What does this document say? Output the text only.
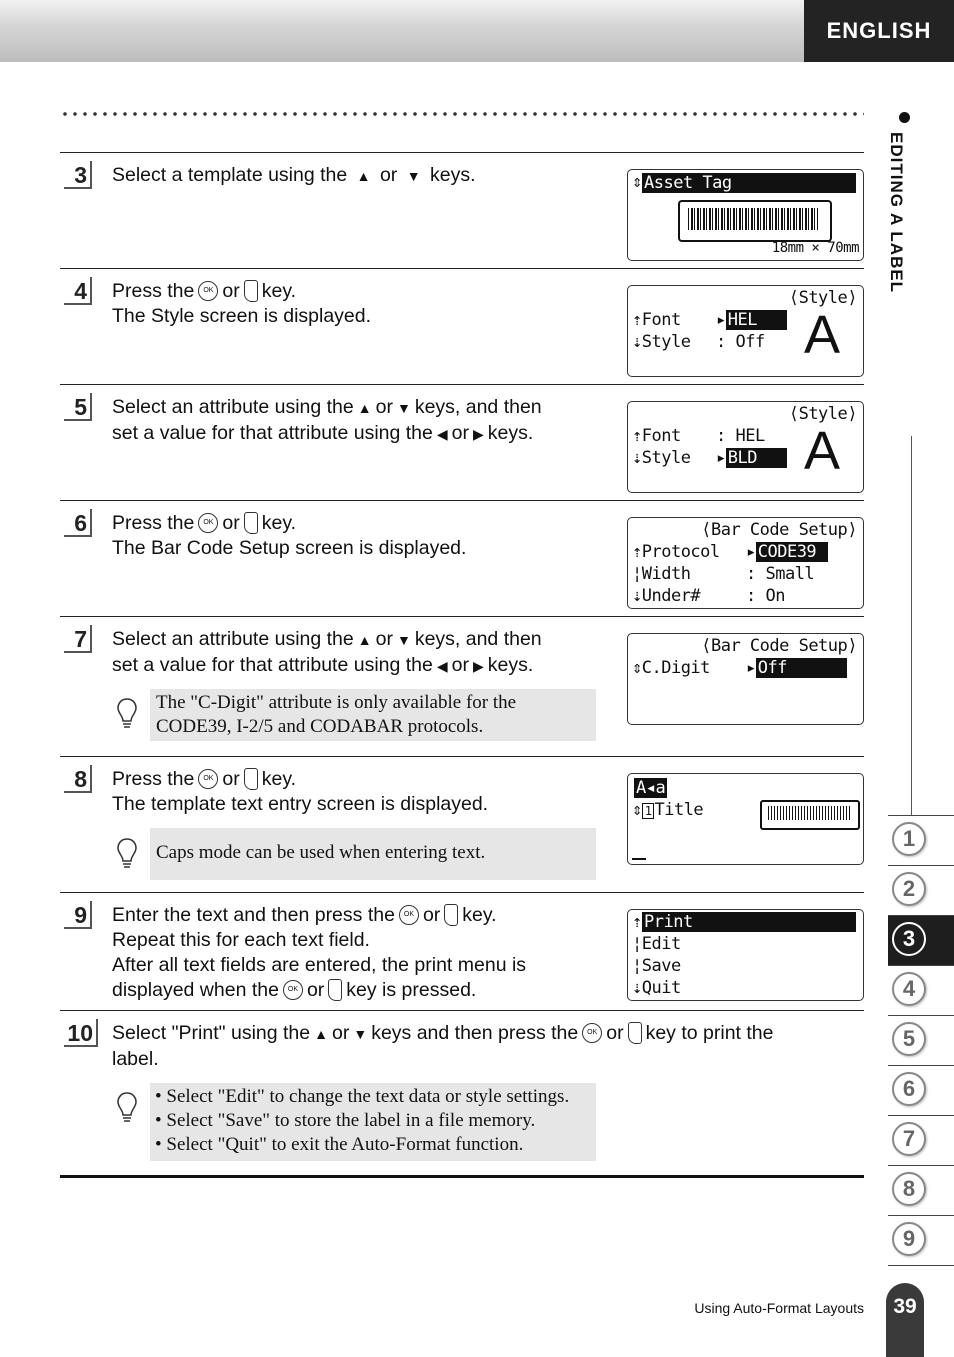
ENGLISH
EDITING A LABEL
1
2
3
4
5
6
7
8
9
Using Auto-Format Layouts	39
3 Select a template using the ▲ or ▼ keys.	⇕ Asset Tag
18mm × 70mm
4 Press the OK or key.
The Style screen is displayed.
⟨Style⟩
⇡Font ▸ HEL
⇣Style : Off A
5 Select an attribute using the ▲ or ▼ keys, and then
set a value for that attribute using the ◀ or ▶ keys.
⟨Style⟩
⇡Font : HEL
⇣Style ▸ BLD A
6 Press the OK or key.
The Bar Code Setup screen is displayed.
⟨Bar Code Setup⟩
⇡Protocol ▸ CODE39
¦Width	: Small
⇣Under#	: On
7 Select an attribute using the ▲ or ▼ keys, and then
set a value for that attribute using the ◀ or ▶ keys.
The "C-Digit" attribute is only available for the
CODE39, I-2/5 and CODABAR protocols.
⟨Bar Code Setup⟩
⇕C.Digit ▸ Off
8 Press the OK or key.
The template text entry screen is displayed.
Caps mode can be used when entering text.
A◂a
⇕ 1 Title
9 Enter the text and then press the OK or key.
Repeat this for each text field.
After all text fields are entered, the print menu is
displayed when the OK or key is pressed.
Print
⇡
¦Edit
¦Save
⇣Quit
10 Select "Print" using the ▲ or ▼ keys and then press the OK or key to print the
label.
• Select "Edit" to change the text data or style settings.
• Select "Save" to store the label in a file memory.
• Select "Quit" to exit the Auto-Format function.
